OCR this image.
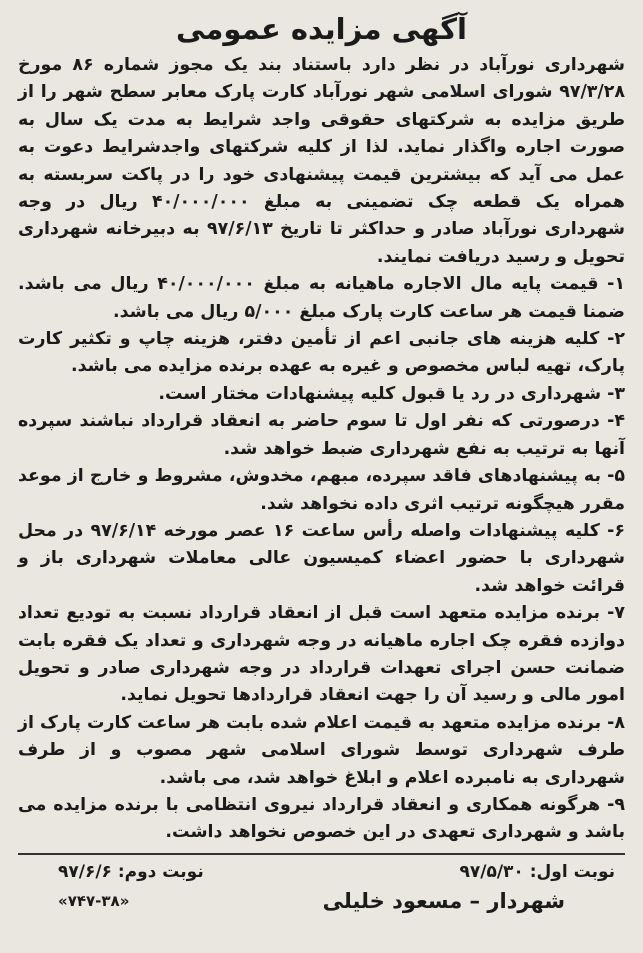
آگهی مزایده عمومی

شهرداری نورآباد در نظر دارد باستناد بند یک مجوز شماره ۸۶ مورخ ۹۷/۳/۲۸ شورای اسلامی شهر نورآباد کارت پارک معابر سطح شهر را از طریق مزایده به شرکتهای حقوقی واجد شرایط به مدت یک سال به صورت اجاره واگذار نماید. لذا از کلیه شرکتهای واجدشرایط دعوت به عمل می آید که بیشترین قیمت پیشنهادی خود را در پاکت سربسته به همراه یک قطعه چک تضمینی به مبلغ ۴۰/۰۰۰/۰۰۰ ریال در وجه شهرداری نورآباد صادر و حداکثر تا تاریخ ۹۷/۶/۱۳ به دبیرخانه شهرداری تحویل و رسید دریافت نمایند.

۱- قیمت پایه مال الاجاره ماهیانه به مبلغ ۴۰/۰۰۰/۰۰۰ ریال می باشد. ضمنا قیمت هر ساعت کارت پارک مبلغ ۵/۰۰۰ ریال می باشد.

۲- کلیه هزینه های جانبی اعم از تأمین دفتر، هزینه چاپ و تکثیر کارت پارک، تهیه لباس مخصوص و غیره به عهده برنده مزایده می باشد.

۳- شهرداری در رد یا قبول کلیه پیشنهادات مختار است.

۴- درصورتی که نفر اول تا سوم حاضر به انعقاد قرارداد نباشند سپرده آنها به ترتیب به نفع شهرداری ضبط خواهد شد.

۵- به پیشنهادهای فاقد سپرده، مبهم، مخدوش، مشروط و خارج از موعد مقرر هیچگونه ترتیب اثری داده نخواهد شد.

۶- کلیه پیشنهادات واصله رأس ساعت ۱۶ عصر مورخه ۹۷/۶/۱۴ در محل شهرداری با حضور اعضاء کمیسیون عالی معاملات شهرداری باز و قرائت خواهد شد.

۷- برنده مزایده متعهد است قبل از انعقاد قرارداد نسبت به تودیع تعداد دوازده فقره چک اجاره ماهیانه در وجه شهرداری و تعداد یک فقره بابت ضمانت حسن اجرای تعهدات قرارداد در وجه شهرداری صادر و تحویل امور مالی و رسید آن را جهت انعقاد قراردادها تحویل نماید.

۸- برنده مزایده متعهد به قیمت اعلام شده بابت هر ساعت کارت پارک از طرف شهرداری توسط شورای اسلامی شهر مصوب و از طرف شهرداری به نامبرده اعلام و ابلاغ خواهد شد، می باشد.

۹- هرگونه همکاری و انعقاد قرارداد نیروی انتظامی با برنده مزایده می باشد و شهرداری تعهدی در این خصوص نخواهد داشت.

نوبت اول: ۹۷/۵/۳۰
نوبت دوم: ۹۷/۶/۶
شهردار – مسعود خلیلی
«۷۴۷-۳۸»
